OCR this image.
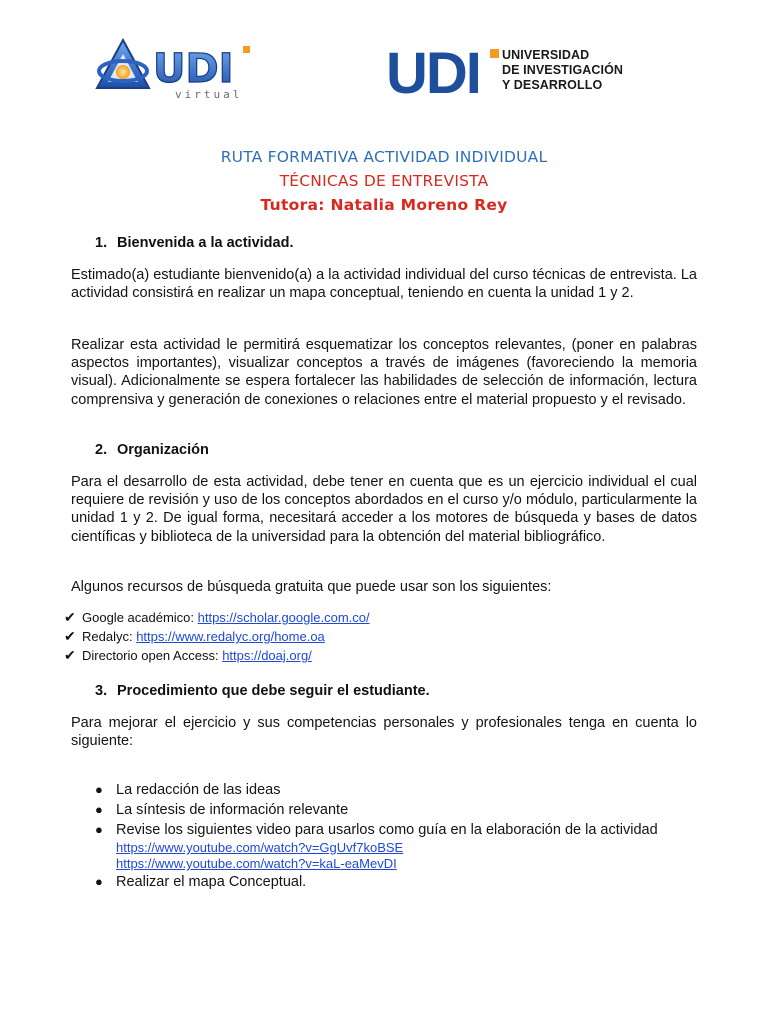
UDI
virtual UDI UNIVERSIDAD
DE INVESTIGACIÓN
Y DESARROLLO
RUTA FORMATIVA ACTIVIDAD INDIVIDUAL
TÉCNICAS DE ENTREVISTA
Tutora: Natalia Moreno Rey
1. Bienvenida a la actividad.
Estimado(a) estudiante bienvenido(a) a la actividad individual del curso técnicas de entrevista. La actividad consistirá en realizar un mapa conceptual, teniendo en cuenta la unidad 1 y 2.
Realizar esta actividad le permitirá esquematizar los conceptos relevantes, (poner en palabras aspectos importantes), visualizar conceptos a través de imágenes (favoreciendo la memoria visual). Adicionalmente se espera fortalecer las habilidades de selección de información, lectura comprensiva y generación de conexiones o relaciones entre el material propuesto y el revisado.
2. Organización
Para el desarrollo de esta actividad, debe tener en cuenta que es un ejercicio individual el cual requiere de revisión y uso de los conceptos abordados en el curso y/o módulo, particularmente la unidad 1 y 2. De igual forma, necesitará acceder a los motores de búsqueda y bases de datos científicas y biblioteca de la universidad para la obtención del material bibliográfico.
Algunos recursos de búsqueda gratuita que puede usar son los siguientes:
✔ Google académico: https://scholar.google.com.co/
✔ Redalyc: https://www.redalyc.org/home.oa
✔ Directorio open Access: https://doaj.org/
3. Procedimiento que debe seguir el estudiante.
Para mejorar el ejercicio y sus competencias personales y profesionales tenga en cuenta lo siguiente:
● La redacción de las ideas
● La síntesis de información relevante
● Revise los siguientes video para usarlos como guía en la elaboración de la actividad
https://www.youtube.com/watch?v=GgUvf7koBSE
https://www.youtube.com/watch?v=kaL-eaMevDI
● Realizar el mapa Conceptual.
